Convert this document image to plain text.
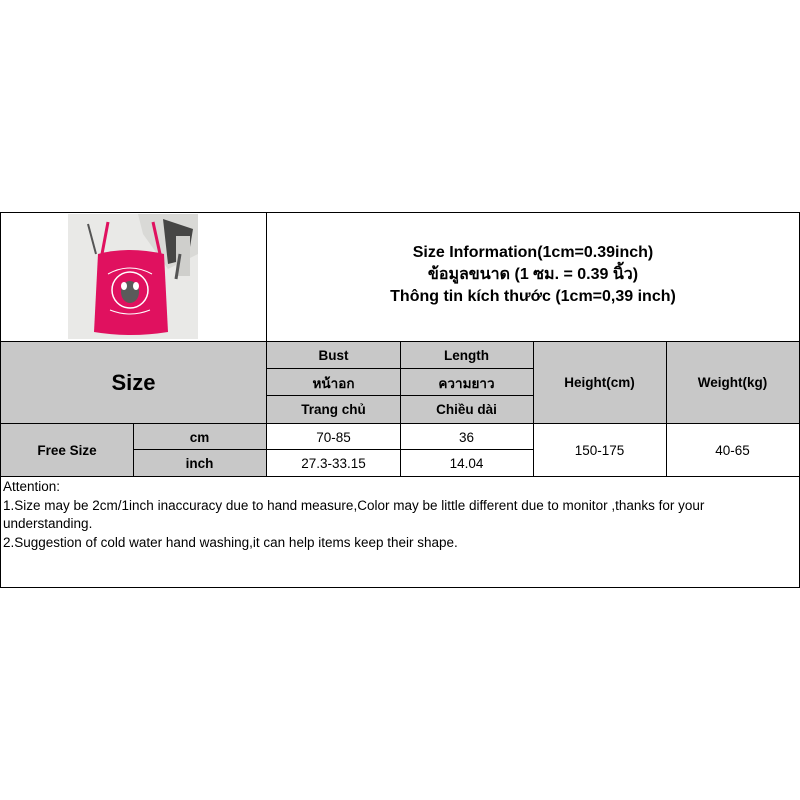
Size Information(1cm=0.39inch)
ข้อมูลขนาด (1 ซม. = 0.39 นิ้ว)
Thông tin kích thước (1cm=0,39 inch)
Size
Bust
หน้าอก
Trang chủ
Length
ความยาว
Chiều dài
Height(cm)	Weight(kg)
Free Size
cm
inch
70-85
27.3-33.15
36
14.04
150-175	40-65
Attention:
1.Size may be 2cm/1inch inaccuracy due to hand measure,Color may be little different due to monitor ,thanks for your understanding.
2.Suggestion of cold water hand washing,it can help items keep their shape.
